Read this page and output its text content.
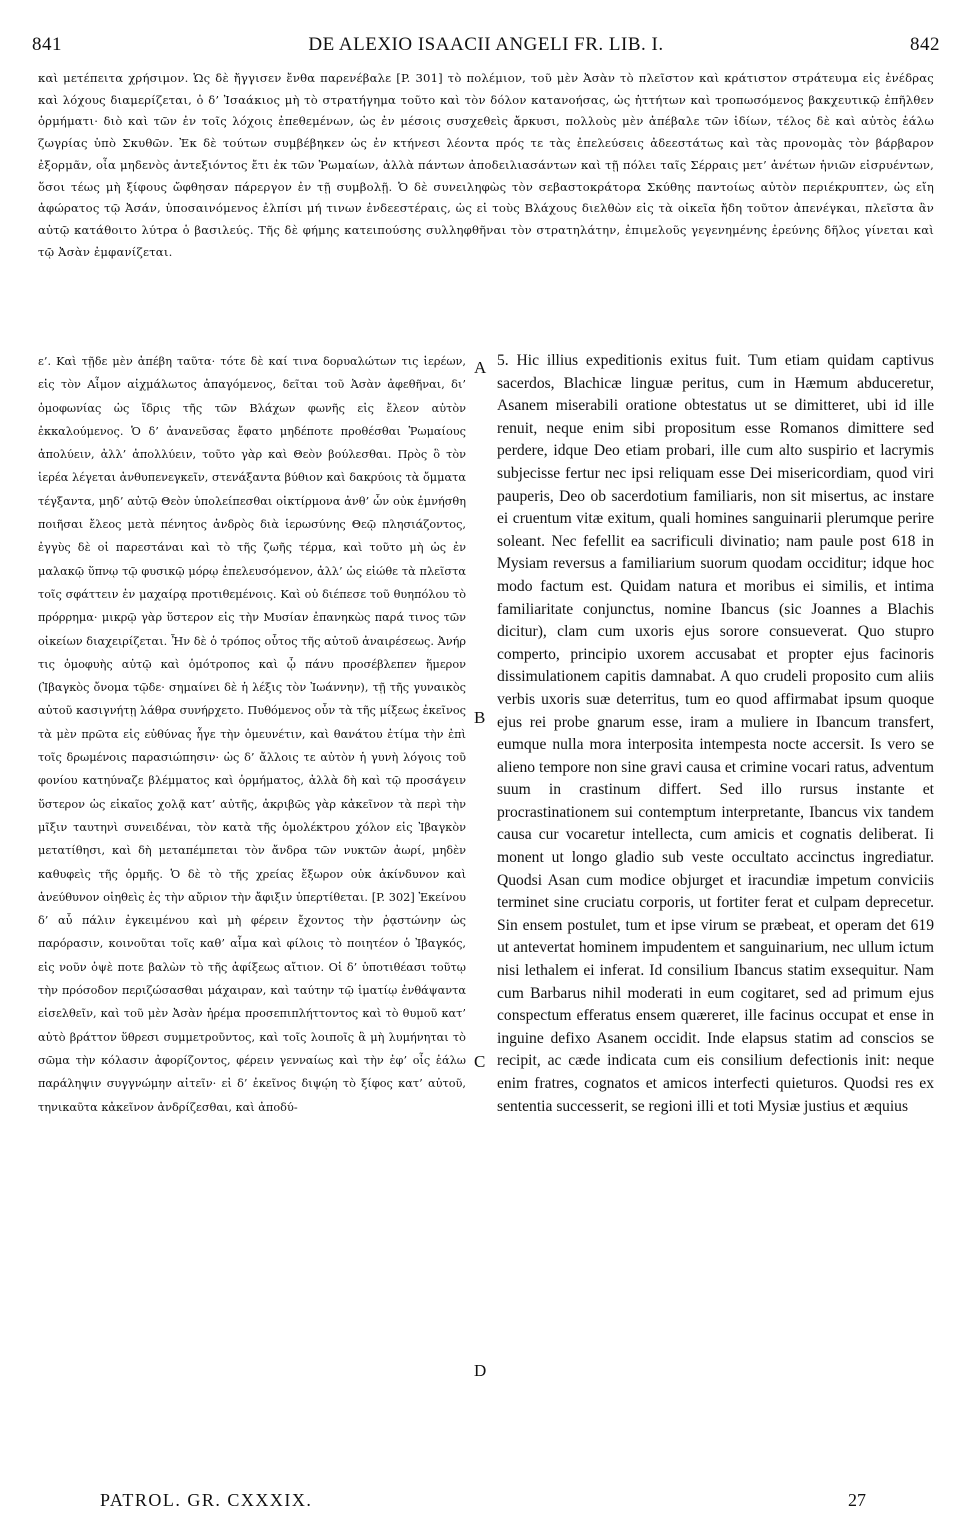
841	DE ALEXIO ISAACII ANGELI FR. LIB. I.	842

καὶ μετέπειτα χρήσιμον. Ὡς δὲ ἤγγισεν ἔνθα παρενέβαλε [P. 301] τὸ πολέμιον, τοῦ μὲν Ἀσὰν τὸ πλεῖστον καὶ κράτιστον στράτευμα εἰς ἐνέδρας καὶ λόχους διαμερίζεται, ὁ δ’ Ἰσαάκιος μὴ τὸ στρατήγημα τοῦτο καὶ τὸν δόλον κατανοήσας, ὡς ἡττήτων καὶ τροπωσόμενος βακχευτικῷ ἐπῆλθεν ὁρμήματι· διὸ καὶ τῶν ἐν τοῖς λόχοις ἐπεθεμένων, ὡς ἐν μέσοις συσχεθεὶς ἄρκυσι, πολλοὺς μὲν ἀπέβαλε τῶν ἰδίων, τέλος δὲ καὶ αὐτὸς ἑάλω ζωγρίας ὑπὸ Σκυθῶν. Ἐκ δὲ τούτων συμβέβηκεν ὡς ἐν κτήνεσι λέοντα πρός τε τὰς ἐπελεύσεις ἀδεεστάτως καὶ τὰς προνομὰς τὸν βάρβαρον ἐξορμᾶν, οἷα μηδενὸς ἀντεξιόντος ἔτι ἐκ τῶν Ῥωμαίων, ἀλλὰ πάντων ἀποδειλιασάντων καὶ τῇ πόλει ταῖς Σέρραις μετ’ ἀνέτων ἡνιῶν εἰσρυέντων, ὅσοι τέως μὴ ξίφους ὤφθησαν πάρεργον ἐν τῇ συμβολῇ. Ὁ δὲ συνειληφὼς τὸν σεβαστοκράτορα Σκύθης παντοίως αὐτὸν περιέκρυπτεν, ὡς εἴη ἀφώρατος τῷ Ἀσάν, ὑποσαινόμενος ἐλπίσι μή τινων ἐνδεεστέραις, ὡς εἰ τοὺς Βλάχους διελθὼν εἰς τὰ οἰκεῖα ἤδη τοῦτον ἀπενέγκαι, πλεῖστα ἂν αὐτῷ κατάθοιτο λύτρα ὁ βασιλεύς. Τῆς δὲ φήμης κατειπούσης συλληφθῆναι τὸν στρατηλάτην, ἐπιμελοῦς γεγενημένης ἐρεύνης δῆλος γίνεται καὶ τῷ Ἀσὰν ἐμφανίζεται.

ε’. Καὶ τῇδε μὲν ἀπέβη ταῦτα· τότε δὲ καί τινα δορυαλώτων τις ἱερέων, εἰς τὸν Αἷμον αἰχμάλωτος ἀπαγόμενος, δεῖται τοῦ Ἀσὰν ἀφεθῆναι, δι’ ὁμοφωνίας ὡς ἴδρις τῆς τῶν Βλάχων φωνῆς εἰς ἔλεον αὐτὸν ἐκκαλούμενος. Ὁ δ’ ἀνανεῦσας ἔφατο μηδέποτε προθέσθαι Ῥωμαίους ἀπολύειν, ἀλλ’ ἀπολλύειν, τοῦτο γὰρ καὶ Θεὸν βούλεσθαι. Πρὸς ὃ τὸν ἱερέα λέγεται ἀνθυπενεγκεῖν, στενάξαντα βύθιον καὶ δακρύοις τὰ ὄμματα τέγξαντα, μηδ’ αὐτῷ Θεὸν ὑπολείπεσθαι οἰκτίρμονα ἀνθ’ ὧν οὐκ ἐμνήσθη ποιῆσαι ἔλεος μετὰ πένητος ἀνδρὸς διὰ ἱερωσύνης Θεῷ πλησιάζοντος, ἐγγὺς δὲ οἱ παρεστάναι καὶ τὸ τῆς ζωῆς τέρμα, καὶ τοῦτο μὴ ὡς ἐν μαλακῷ ὕπνῳ τῷ φυσικῷ μόρῳ ἐπελευσόμενον, ἀλλ’ ὡς εἰώθε τὰ πλεῖστα τοῖς σφάττειν ἐν μαχαίρᾳ προτιθεμένοις. Καὶ οὐ διέπεσε τοῦ θυηπόλου τὸ πρόρρημα· μικρῷ γὰρ ὕστερον εἰς τὴν Μυσίαν ἐπανηκὼς παρά τινος τῶν οἰκείων διαχειρίζεται. Ἦν δὲ ὁ τρόπος οὗτος τῆς αὐτοῦ ἀναιρέσεως. Ἀνήρ τις ὁμοφυὴς αὐτῷ καὶ ὁμότροπος καὶ ᾧ πάνυ προσέβλεπεν ἥμερον (Ἰβαγκὸς ὄνομα τῷδε· σημαίνει δὲ ἡ λέξις τὸν Ἰωάννην), τῇ τῆς γυναικὸς αὐτοῦ κασιγνήτῃ λάθρα συνήρχετο. Πυθόμενος οὖν τὰ τῆς μίξεως ἐκεῖνος τὰ μὲν πρῶτα εἰς εὐθύνας ἦγε τὴν ὁμευνέτιν, καὶ θανάτου ἐτίμα τὴν ἐπὶ τοῖς δρωμένοις παρασιώπησιν· ὡς δ’ ἄλλοις τε αὐτὸν ἡ γυνὴ λόγοις τοῦ φονίου κατηύναζε βλέμματος καὶ ὁρμήματος, ἀλλὰ δὴ καὶ τῷ προσάγειν ὕστερον ὡς εἰκαῖος χολᾷ κατ’ αὐτῆς, ἀκριβῶς γὰρ κἀκεῖνον τὰ περὶ τὴν μῖξιν ταυτηνὶ συνειδέναι, τὸν κατὰ τῆς ὁμολέκτρου χόλον εἰς Ἰβαγκὸν μετατίθησι, καὶ δὴ μεταπέμπεται τὸν ἄνδρα τῶν νυκτῶν ἀωρί, μηδὲν καθυφεὶς τῆς ὁρμῆς. Ὁ δὲ τὸ τῆς χρείας ἔξωρον οὐκ ἀκίνδυνον καὶ ἀνεύθυνον οἰηθεὶς ἐς τὴν αὔριον τὴν ἄφιξιν ὑπερτίθεται. [P. 302] Ἐκείνου δ’ αὖ πάλιν ἐγκειμένου καὶ μὴ φέρειν ἔχοντος τὴν ῥᾳστώνην ὡς παρόρασιν, κοινοῦται τοῖς καθ’ αἷμα καὶ φίλοις τὸ ποιητέον ὁ Ἰβαγκός, εἰς νοῦν ὀψὲ ποτε βαλὼν τὸ τῆς ἀφίξεως αἴτιον. Οἱ δ’ ὑποτιθέασι τοῦτῳ τὴν πρόσοδον περιζώσασθαι μάχαιραν, καὶ ταύτην τῷ ἱματίῳ ἐνθάψαντα εἰσελθεῖν, καὶ τοῦ μὲν Ἀσὰν ἠρέμα προσεπιπλήττοντος καὶ τὸ θυμοῦ κατ’ αὐτὸ βράττον ὕθρεσι συμμετροῦντος, καὶ τοῖς λοιποῖς ἃ μὴ λυμήνηται τὸ σῶμα τὴν κόλασιν ἀφορίζοντος, φέρειν γενναίως καὶ τὴν ἐφ’ οἷς ἑάλω παράληψιν συγγνώμην αἰτεῖν· εἰ δ’ ἐκεῖνος διψῴη τὸ ξίφος κατ’ αὐτοῦ, τηνικαῦτα κἀκεῖνον ἀνδρίζεσθαι, καὶ ἀποδύ-

A
B
C
D

5. Hic illius expeditionis exitus fuit. Tum etiam quidam captivus sacerdos, Blachicæ linguæ peritus, cum in Hæmum abduceretur, Asanem miserabili oratione obtestatus ut se dimitteret, ubi id ille renuit, neque enim sibi propositum esse Romanos dimittere sed perdere, idque Deo etiam probari, ille cum alto suspirio et lacrymis subjecisse fertur nec ipsi reliquam esse Dei misericordiam, quod viri pauperis, Deo ob sacerdotium familiaris, non sit misertus, ac instare ei cruentum vitæ exitum, quali homines sanguinarii plerumque perire soleant. Nec fefellit ea sacrificuli divinatio; nam paule post 618 in Mysiam reversus a familiarium suorum quodam occiditur; idque hoc modo factum est. Quidam natura et moribus ei similis, et intima familiaritate conjunctus, nomine Ibancus (sic Joannes a Blachis dicitur), clam cum uxoris ejus sorore consueverat. Quo stupro comperto, principio uxorem accusabat et propter ejus facinoris dissimulationem capitis damnabat. A quo crudeli proposito cum aliis verbis uxoris suæ deterritus, tum eo quod affirmabat ipsum quoque ejus rei probe gnarum esse, iram a muliere in Ibancum transfert, eumque nulla mora interposita intempesta nocte accersit. Is vero se alieno tempore non sine gravi causa et crimine vocari ratus, adventum suum in crastinum differt. Sed illo rursus instante et procrastinationem sui contemptum interpretante, Ibancus vix tandem causa cur vocaretur intellecta, cum amicis et cognatis deliberat. Ii monent ut longo gladio sub veste occultato accinctus ingrediatur. Quodsi Asan cum modice objurget et iracundiæ impetum conviciis terminet sine cruciatu corporis, ut fortiter ferat et culpam deprecetur. Sin ensem postulet, tum et ipse virum se præbeat, et operam det 619 ut antevertat hominem impudentem et sanguinarium, nec ullum ictum nisi lethalem ei inferat. Id consilium Ibancus statim exsequitur. Nam cum Barbarus nihil moderati in eum cogitaret, sed ad primum ejus conspectum efferatus ensem quæreret, ille facinus occupat et ense in inguine defixo Asanem occidit. Inde elapsus statim ad conscios se recipit, ac cæde indicata cum eis consilium defectionis init: neque enim fratres, cognatos et amicos interfecti quieturos. Quodsi res ex sententia successerit, se regioni illi et toti Mysiæ justius et æquius

PATROL. GR. CXXXIX.	27
